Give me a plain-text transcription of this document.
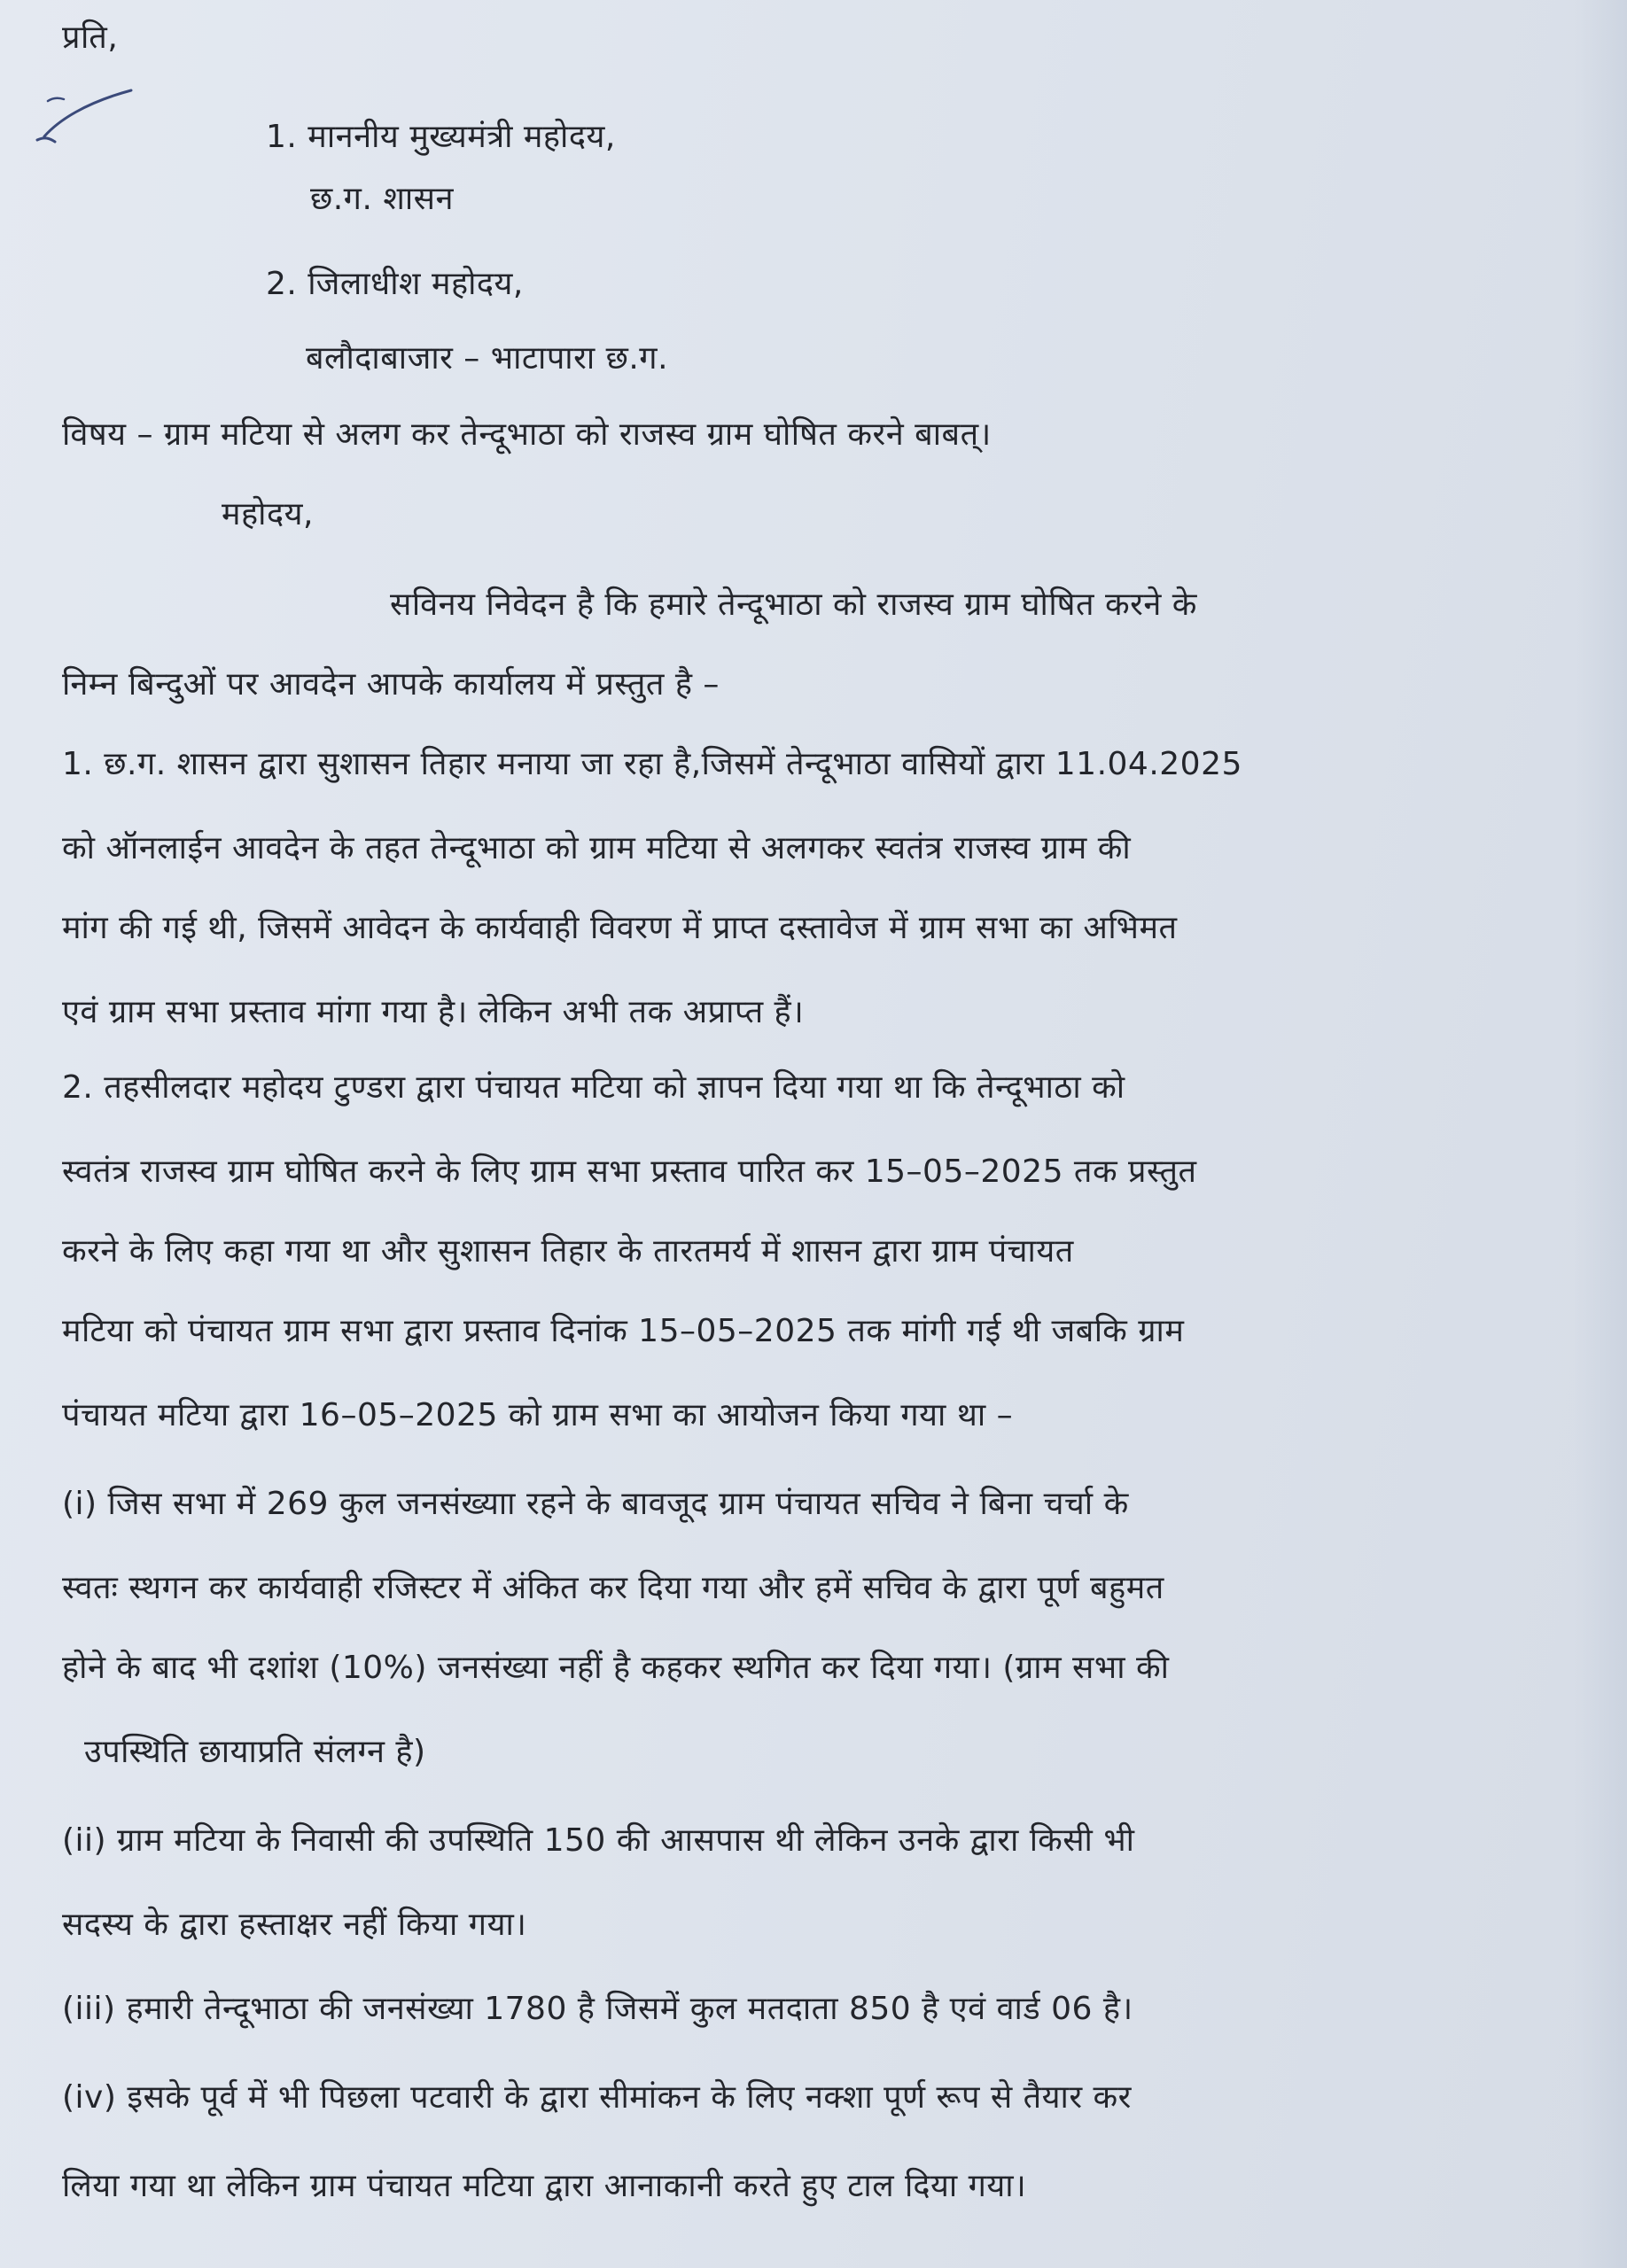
प्रति,
1. माननीय मुख्यमंत्री महोदय,
छ.ग. शासन
2. जिलाधीश महोदय,
बलौदाबाजार – भाटापारा छ.ग.
विषय – ग्राम मटिया से अलग कर तेन्दूभाठा को राजस्व ग्राम घोषित करने बाबत्।
महोदय,
सविनय निवेदन है कि हमारे तेन्दूभाठा को राजस्व ग्राम घोषित करने के
निम्न बिन्दुओं पर आवदेन आपके कार्यालय में प्रस्तुत है –
1. छ.ग. शासन द्वारा सुशासन तिहार मनाया जा रहा है,जिसमें तेन्दूभाठा वासियों द्वारा 11.04.2025
को ऑनलाईन आवदेन के तहत तेन्दूभाठा को ग्राम मटिया से अलगकर स्वतंत्र राजस्व ग्राम की
मांग की गई थी, जिसमें आवेदन के कार्यवाही विवरण में प्राप्त दस्तावेज में ग्राम सभा का अभिमत
एवं ग्राम सभा प्रस्ताव मांगा गया है। लेकिन अभी तक अप्राप्त हैं।
2. तहसीलदार महोदय टुण्डरा द्वारा पंचायत मटिया को ज्ञापन दिया गया था कि तेन्दूभाठा को
स्वतंत्र राजस्व ग्राम घोषित करने के लिए ग्राम सभा प्रस्ताव पारित कर 15–05–2025 तक प्रस्तुत
करने के लिए कहा गया था और सुशासन तिहार के तारतमर्य में शासन द्वारा ग्राम पंचायत
मटिया को पंचायत ग्राम सभा द्वारा प्रस्ताव दिनांक 15–05–2025 तक मांगी गई थी जबकि ग्राम
पंचायत मटिया द्वारा 16–05–2025 को ग्राम सभा का आयोजन किया गया था –
(i) जिस सभा में 269 कुल जनसंख्याा रहने के बावजूद ग्राम पंचायत सचिव ने बिना चर्चा के
स्वतः स्थगन कर कार्यवाही रजिस्टर में अंकित कर दिया गया और हमें सचिव के द्वारा पूर्ण बहुमत
होने के बाद भी दशांश (10%) जनसंख्या नहीं है कहकर स्थगित कर दिया गया। (ग्राम सभा की
उपस्थिति छायाप्रति संलग्न है)
(ii) ग्राम मटिया के निवासी की उपस्थिति 150 की आसपास थी लेकिन उनके द्वारा किसी भी
सदस्य के द्वारा हस्ताक्षर नहीं किया गया।
(iii) हमारी तेन्दूभाठा की जनसंख्या 1780 है जिसमें कुल मतदाता 850 है एवं वार्ड 06 है।
(iv) इसके पूर्व में भी पिछला पटवारी के द्वारा सीमांकन के लिए नक्शा पूर्ण रूप से तैयार कर
लिया गया था लेकिन ग्राम पंचायत मटिया द्वारा आनाकानी करते हुए टाल दिया गया।
